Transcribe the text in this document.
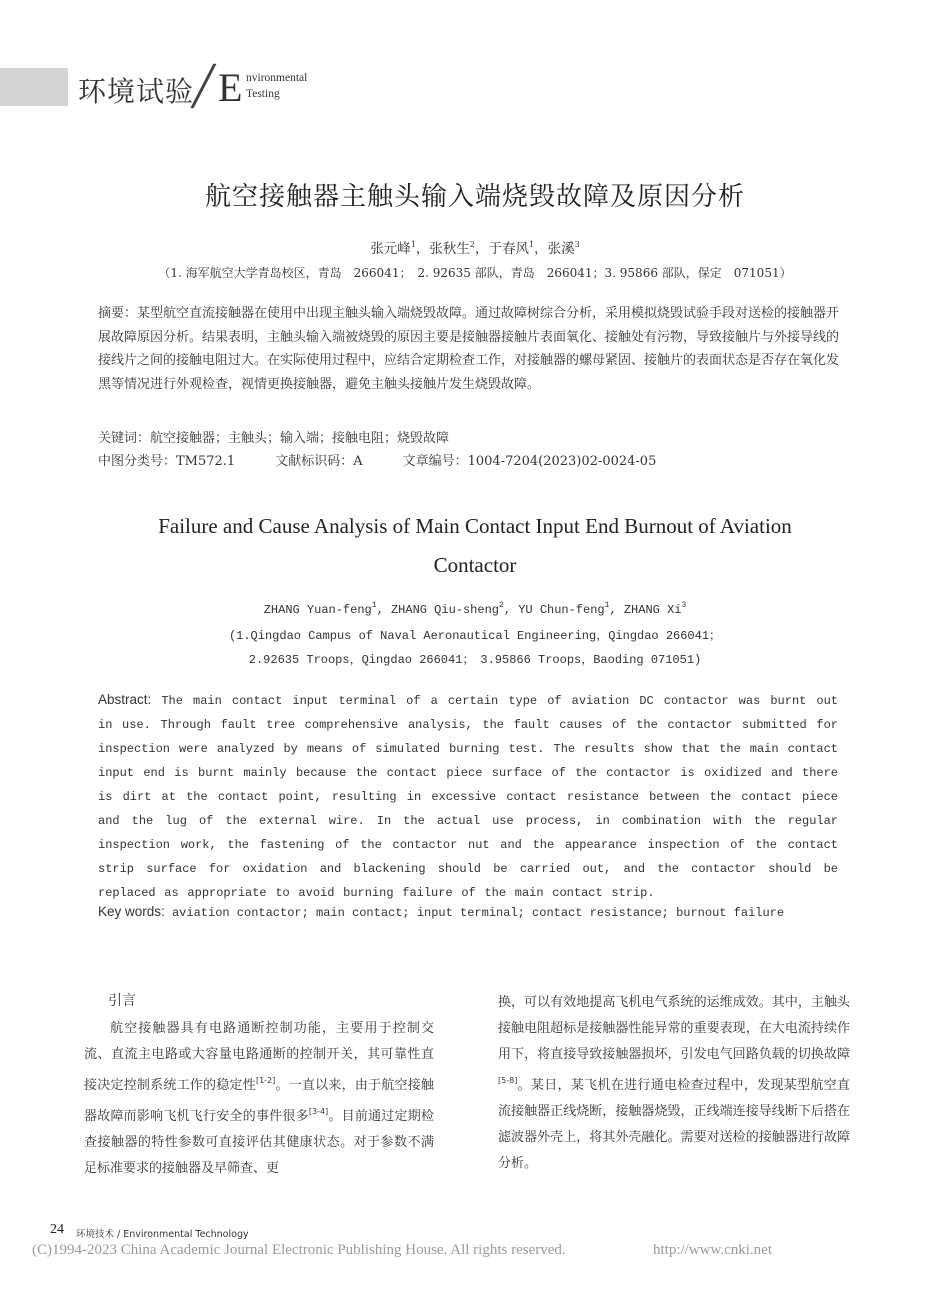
环境试验
╱ E nvironmental
Testing
航空接触器主触头输入端烧毁故障及原因分析
张元峰$^1$，张秋生$^2$，于春风$^1$，张溪$^3$
（1. 海军航空大学青岛校区，青岛　266041；　2. 92635 部队，青岛　266041；3. 95866 部队，保定　071051）
摘要：某型航空直流接触器在使用中出现主触头输入端烧毁故障。通过故障树综合分析，采用模拟烧毁试验手段对送检的接触器开展故障原因分析。结果表明，主触头输入端被烧毁的原因主要是接触器接触片表面氧化、接触处有污物，导致接触片与外接导线的接线片之间的接触电阻过大。在实际使用过程中，应结合定期检查工作，对接触器的螺母紧固、接触片的表面状态是否存在氧化发黑等情况进行外观检查，视情更换接触器，避免主触头接触片发生烧毁故障。
关键词：航空接触器；主触头；输入端；接触电阻；烧毁故障
中图分类号：TM572.1	文献标识码：A	文章编号：1004-7204(2023)02-0024-05
Failure and Cause Analysis of Main Contact Input End Burnout of Aviation
Contactor
ZHANG Yuan-feng$^1$, ZHANG Qiu-sheng$^2$, YU Chun-feng$^1$, ZHANG Xi$^3$
(1.Qingdao Campus of Naval Aeronautical Engineering，Qingdao 266041；
2.92635 Troops，Qingdao 266041；　3.95866 Troops，Baoding 071051)
Abstract: The main contact input terminal of a certain type of aviation DC contactor was burnt out in use. Through fault tree comprehensive analysis, the fault causes of the contactor submitted for inspection were analyzed by means of simulated burning test. The results show that the main contact input end is burnt mainly because the contact piece surface of the contactor is oxidized and there is dirt at the contact point, resulting in excessive contact resistance between the contact piece and the lug of the external wire. In the actual use process, in combination with the regular inspection work, the fastening of the contactor nut and the appearance inspection of the contact strip surface for oxidation and blackening should be carried out, and the contactor should be replaced as appropriate to avoid burning failure of the main contact strip.
Key words: aviation contactor; main contact; input terminal; contact resistance; burnout failure
引言
航空接触器具有电路通断控制功能，主要用于控制交流、直流主电路或大容量电路通断的控制开关，其可靠性直接决定控制系统工作的稳定性[1-2]。一直以来，由于航空接触器故障而影响飞机飞行安全的事件很多[3-4]。目前通过定期检查接触器的特性参数可直接评估其健康状态。对于参数不满足标准要求的接触器及早筛查、更
换，可以有效地提高飞机电气系统的运维成效。其中，主触头接触电阻超标是接触器性能异常的重要表现，在大电流持续作用下，将直接导致接触器损坏，引发电气回路负载的切换故障[5-8]。某日，某飞机在进行通电检查过程中，发现某型航空直流接触器正线烧断，接触器烧毁，正线端连接导线断下后搭在滤波器外壳上，将其外壳融化。需要对送检的接触器进行故障分析。
24 环境技术 / Environmental Technology
(C)1994-2023 China Academic Journal Electronic Publishing House. All rights reserved.	http://www.cnki.net
